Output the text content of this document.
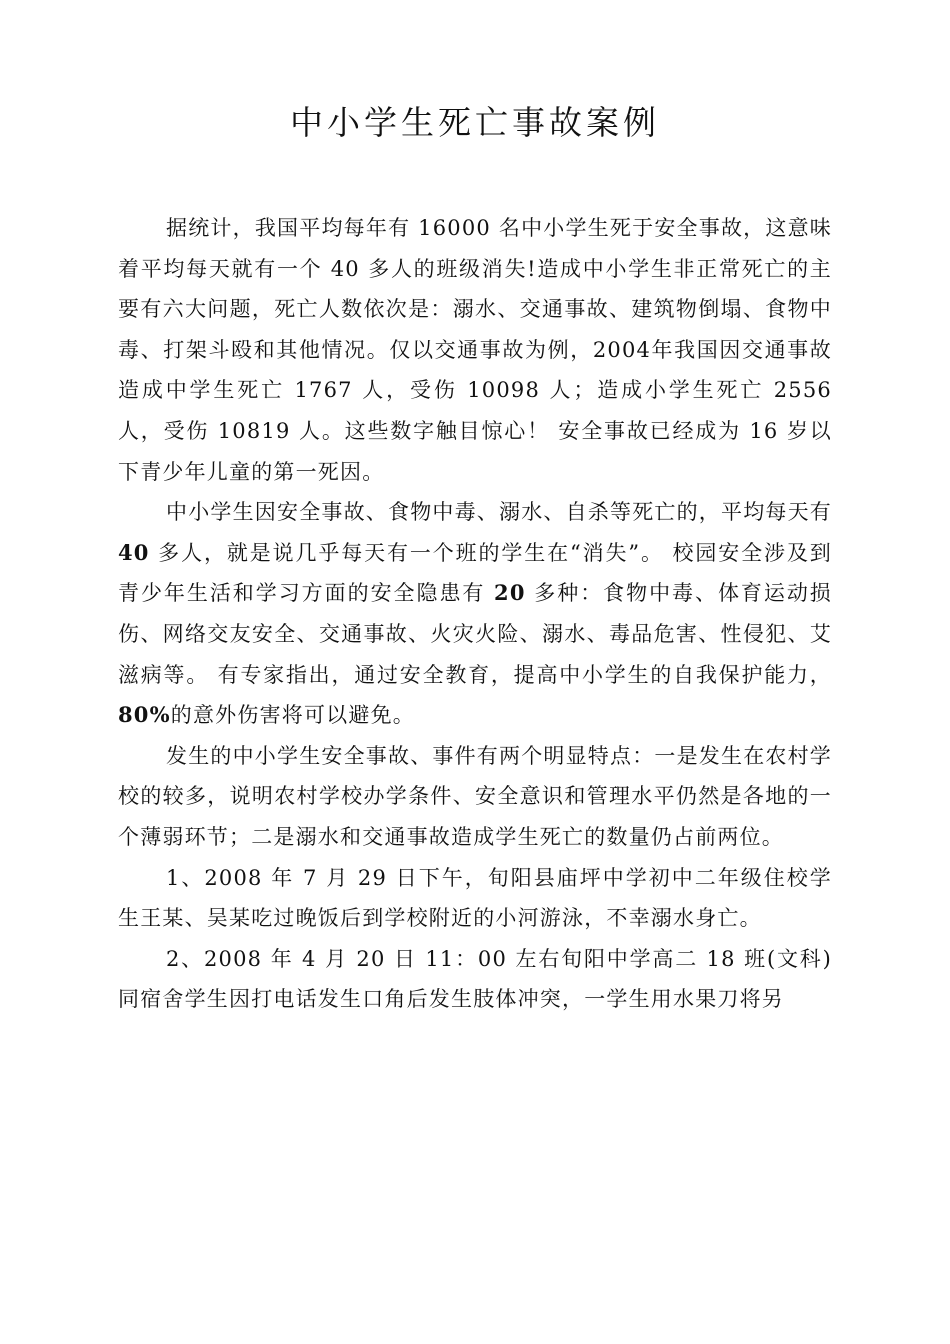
中小学生死亡事故案例

据统计，我国平均每年有 16000 名中小学生死于安全事故，这意味着平均每天就有一个 40 多人的班级消失!造成中小学生非正常死亡的主要有六大问题，死亡人数依次是：溺水、交通事故、建筑物倒塌、食物中毒、打架斗殴和其他情况。仅以交通事故为例，2004年我国因交通事故造成中学生死亡 1767 人，受伤 10098 人；造成小学生死亡 2556 人，受伤 10819 人。这些数字触目惊心！ 安全事故已经成为 16 岁以下青少年儿童的第一死因。

中小学生因安全事故、食物中毒、溺水、自杀等死亡的，平均每天有 40 多人，就是说几乎每天有一个班的学生在“消失”。 校园安全涉及到青少年生活和学习方面的安全隐患有 20 多种：食物中毒、体育运动损伤、网络交友安全、交通事故、火灾火险、溺水、毒品危害、性侵犯、艾滋病等。 有专家指出，通过安全教育，提高中小学生的自我保护能力， 80%的意外伤害将可以避免。

发生的中小学生安全事故、事件有两个明显特点：一是发生在农村学校的较多，说明农村学校办学条件、安全意识和管理水平仍然是各地的一个薄弱环节；二是溺水和交通事故造成学生死亡的数量仍占前两位。

1、2008 年 7 月 29 日下午，旬阳县庙坪中学初中二年级住校学生王某、吴某吃过晚饭后到学校附近的小河游泳，不幸溺水身亡。

2、2008 年 4 月 20 日 11：00 左右旬阳中学高二 18 班(文科)同宿舍学生因打电话发生口角后发生肢体冲突，一学生用水果刀将另
